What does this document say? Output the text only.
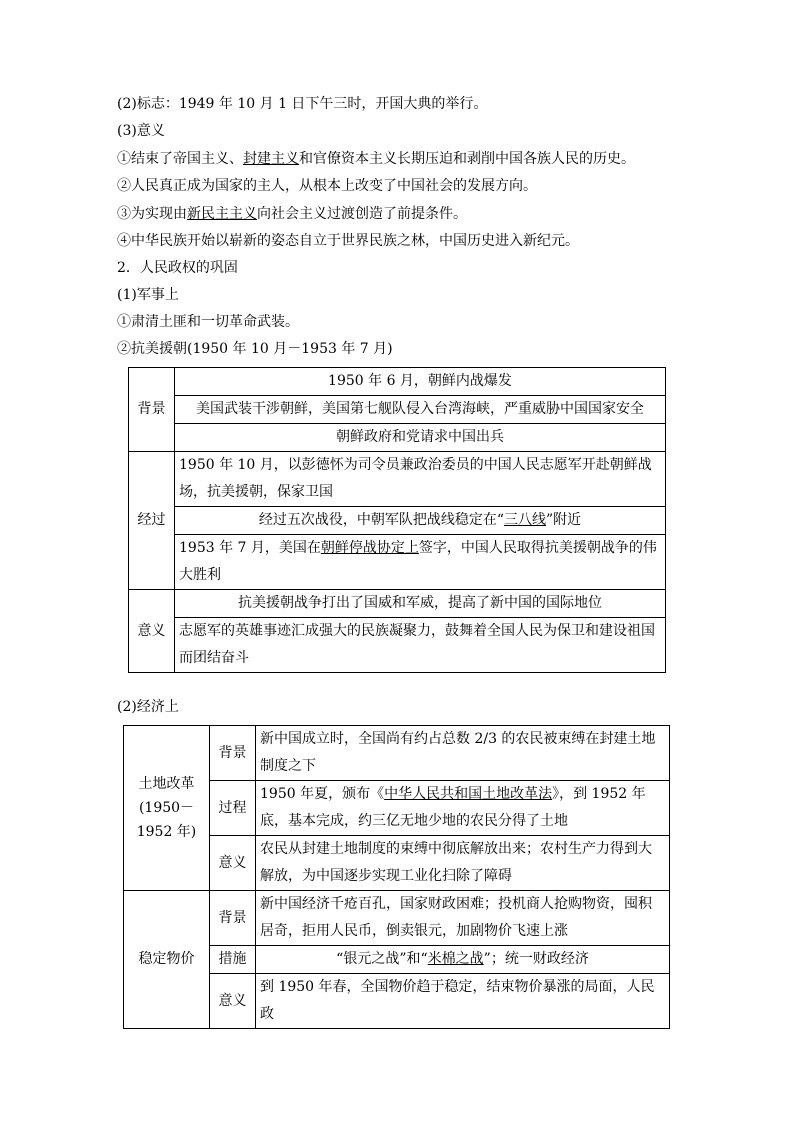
(2)标志：1949 年 10 月 1 日下午三时，开国大典的举行。
(3)意义
①结束了帝国主义、封建主义和官僚资本主义长期压迫和剥削中国各族人民的历史。
②人民真正成为国家的主人，从根本上改变了中国社会的发展方向。
③为实现由新民主主义向社会主义过渡创造了前提条件。
④中华民族开始以崭新的姿态自立于世界民族之林，中国历史进入新纪元。
2．人民政权的巩固
(1)军事上
①肃清土匪和一切革命武装。
②抗美援朝(1950 年 10 月－1953 年 7 月)
背景	1950 年 6 月，朝鲜内战爆发
	美国武装干涉朝鲜，美国第七舰队侵入台湾海峡，严重威胁中国国家安全
	朝鲜政府和党请求中国出兵
经过	1950 年 10 月，以彭德怀为司令员兼政治委员的中国人民志愿军开赴朝鲜战场，抗美援朝，保家卫国
	经过五次战役，中朝军队把战线稳定在“三八线”附近
	1953 年 7 月，美国在朝鲜停战协定上签字，中国人民取得抗美援朝战争的伟大胜利
意义	抗美援朝战争打出了国威和军威，提高了新中国的国际地位
	志愿军的英雄事迹汇成强大的民族凝聚力，鼓舞着全国人民为保卫和建设祖国而团结奋斗
(2)经济上
土地改革
(1950－1952 年)	背景	新中国成立时，全国尚有约占总数 2/3 的农民被束缚在封建土地制度之下
	过程	1950 年夏，颁布《中华人民共和国土地改革法》，到 1952 年底，基本完成，约三亿无地少地的农民分得了土地
	意义	农民从封建土地制度的束缚中彻底解放出来；农村生产力得到大解放，为中国逐步实现工业化扫除了障碍
稳定物价	背景	新中国经济千疮百孔，国家财政困难；投机商人抢购物资，囤积居奇，拒用人民币，倒卖银元，加剧物价飞速上涨
	措施	“银元之战”和“米棉之战”；统一财政经济
	意义	到 1950 年春，全国物价趋于稳定，结束物价暴涨的局面，人民政
